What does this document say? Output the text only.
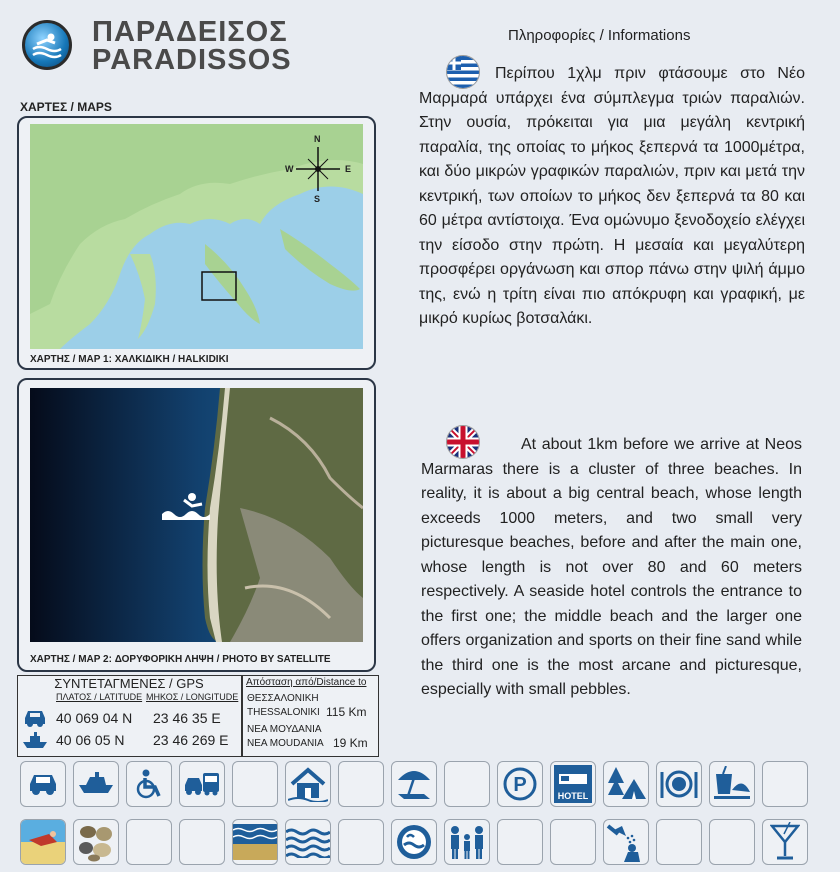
ΠΑΡΑΔΕΙΣΟΣ
PARADISSOS
ΧΑΡΤΕΣ / MAPS
Πληροφορίες / Informations
N
S
W	E
ΧΑΡΤΗΣ / MAP 1: ΧΑΛΚΙΔΙΚΗ / HALKIDIKI
ΧΑΡΤΗΣ / MAP 2: ΔΟΡΥΦΟΡΙΚΗ ΛΗΨΗ / PHOTO BY SATELLITE
ΣΥΝΤΕΤΑΓΜΕΝΕΣ / GPS
ΠΛΑΤΟΣ / LATITUDE ΜΗΚΟΣ / LONGITUDE
40 069 04 N 23 46 35 E
40 06 05 N 23 46 269 E
Απόσταση από/Distance to
ΘΕΣΣΑΛΟΝΙΚΗ
THESSALONIKI 115 Km
ΝΕΑ ΜΟΥΔΑΝΙΑ
NEA MOUDANIA 19 Km
Περίπου 1χλμ πριν φτάσουμε στο Νέο Μαρμαρά υπάρχει ένα σύμπλεγμα τριών παραλιών. Στην ουσία, πρόκειται για μια μεγάλη κεντρική παραλία, της οποίας το μήκος ξεπερνά τα 1000μέτρα, και δύο μικρών γραφικών παραλιών, πριν και μετά την κεντρική, των οποίων το μήκος δεν ξεπερνά τα 80 και 60 μέτρα αντίστοιχα. Ένα ομώνυμο ξενοδοχείο ελέγχει την είσοδο στην πρώτη. Η μεσαία και μεγαλύτερη προσφέρει οργάνωση και σπορ πάνω στην ψιλή άμμο της, ενώ η τρίτη είναι πιο απόκρυφη και γραφική, με μικρό κυρίως βοτσαλάκι.
At about 1km before we arrive at Neos Marmaras there is a cluster of three beaches. In reality, it is about a big central beach, whose length exceeds 1000 meters, and two small very picturesque beaches, before and after the main one, whose length is not over 80 and 60 meters respectively. A seaside hotel controls the entrance to the first one; the middle beach and the larger one offers organization and sports on their fine sand while the third one is the most arcane and picturesque, especially with small pebbles.
P	HOTEL
